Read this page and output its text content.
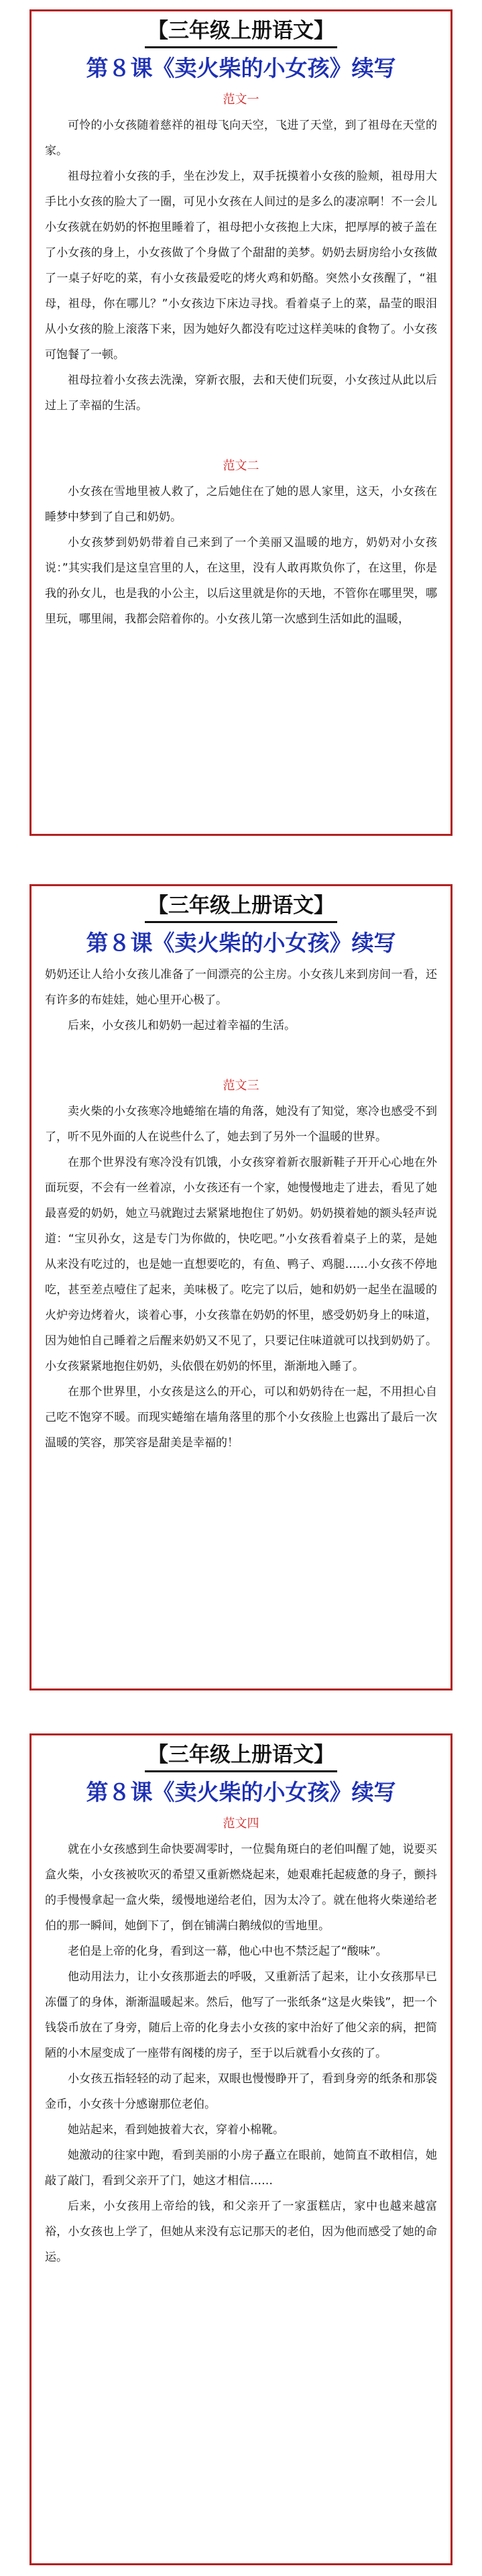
【三年级上册语文】
第８课《卖火柴的小女孩》续写
范文一

可怜的小女孩随着慈祥的祖母飞向天空，飞进了天堂，到了祖母在天堂的家。

祖母拉着小女孩的手，坐在沙发上，双手抚摸着小女孩的脸颊，祖母用大手比小女孩的脸大了一圈，可见小女孩在人间过的是多么的凄凉啊！不一会儿小女孩就在奶奶的怀抱里睡着了，祖母把小女孩抱上大床，把厚厚的被子盖在了小女孩的身上，小女孩做了个身做了个甜甜的美梦。奶奶去厨房给小女孩做了一桌子好吃的菜，有小女孩最爱吃的烤火鸡和奶酪。突然小女孩醒了，“祖母，祖母，你在哪儿？”小女孩边下床边寻找。看着桌子上的菜，晶莹的眼泪从小女孩的脸上滚落下来，因为她好久都没有吃过这样美味的食物了。小女孩可饱餐了一顿。

祖母拉着小女孩去洗澡，穿新衣服，去和天使们玩耍，小女孩过从此以后过上了幸福的生活。

范文二

小女孩在雪地里被人救了，之后她住在了她的恩人家里，这天，小女孩在睡梦中梦到了自己和奶奶。

小女孩梦到奶奶带着自己来到了一个美丽又温暖的地方，奶奶对小女孩说：”其实我们是这皇宫里的人，在这里，没有人敢再欺负你了，在这里，你是我的孙女儿，也是我的小公主，以后这里就是你的天地，不管你在哪里哭，哪里玩，哪里闹，我都会陪着你的。小女孩儿第一次感到生活如此的温暖，

【三年级上册语文】
第８课《卖火柴的小女孩》续写

奶奶还让人给小女孩儿准备了一间漂亮的公主房。小女孩儿来到房间一看，还有许多的布娃娃，她心里开心极了。

后来，小女孩儿和奶奶一起过着幸福的生活。

范文三

卖火柴的小女孩寒冷地蜷缩在墙的角落，她没有了知觉，寒冷也感受不到了，听不见外面的人在说些什么了，她去到了另外一个温暖的世界。

在那个世界没有寒冷没有饥饿，小女孩穿着新衣服新鞋子开开心心地在外面玩耍，不会有一丝着凉，小女孩还有一个家，她慢慢地走了进去，看见了她最喜爱的奶奶，她立马就跑过去紧紧地抱住了奶奶。奶奶摸着她的额头轻声说道：“宝贝孙女，这是专门为你做的，快吃吧。”小女孩看着桌子上的菜，是她从来没有吃过的，也是她一直想要吃的，有鱼、鸭子、鸡腿……小女孩不停地吃，甚至差点噎住了起来，美味极了。吃完了以后，她和奶奶一起坐在温暖的火炉旁边烤着火，谈着心事，小女孩靠在奶奶的怀里，感受奶奶身上的味道，因为她怕自己睡着之后醒来奶奶又不见了，只要记住味道就可以找到奶奶了。小女孩紧紧地抱住奶奶，头依偎在奶奶的怀里，渐渐地入睡了。

在那个世界里，小女孩是这么的开心，可以和奶奶待在一起，不用担心自己吃不饱穿不暖。而现实蜷缩在墙角落里的那个小女孩脸上也露出了最后一次温暖的笑容，那笑容是甜美是幸福的！

【三年级上册语文】
第８课《卖火柴的小女孩》续写
范文四

就在小女孩感到生命快要凋零时，一位鬓角斑白的老伯叫醒了她，说要买盒火柴，小女孩被吹灭的希望又重新燃烧起来，她艰难托起疲惫的身子，颤抖的手慢慢拿起一盒火柴，缓慢地递给老伯，因为太冷了。就在他将火柴递给老伯的那一瞬间，她倒下了，倒在铺满白鹅绒似的雪地里。

老伯是上帝的化身，看到这一幕，他心中也不禁泛起了“酸味”。

他动用法力，让小女孩那逝去的呼吸，又重新活了起来，让小女孩那早已冻僵了的身体，渐渐温暖起来。然后，他写了一张纸条“这是火柴钱”，把一个钱袋币放在了身旁，随后上帝的化身去小女孩的家中治好了他父亲的病，把简陋的小木屋变成了一座带有阁楼的房子，至于以后就看小女孩的了。

小女孩五指轻轻的动了起来，双眼也慢慢睁开了，看到身旁的纸条和那袋金币，小女孩十分感谢那位老伯。

她站起来，看到她披着大衣，穿着小棉靴。

她激动的往家中跑，看到美丽的小房子矗立在眼前，她简直不敢相信，她敲了敲门，看到父亲开了门，她这才相信……

后来，小女孩用上帝给的钱，和父亲开了一家蛋糕店，家中也越来越富裕，小女孩也上学了，但她从来没有忘记那天的老伯，因为他而感受了她的命运。
